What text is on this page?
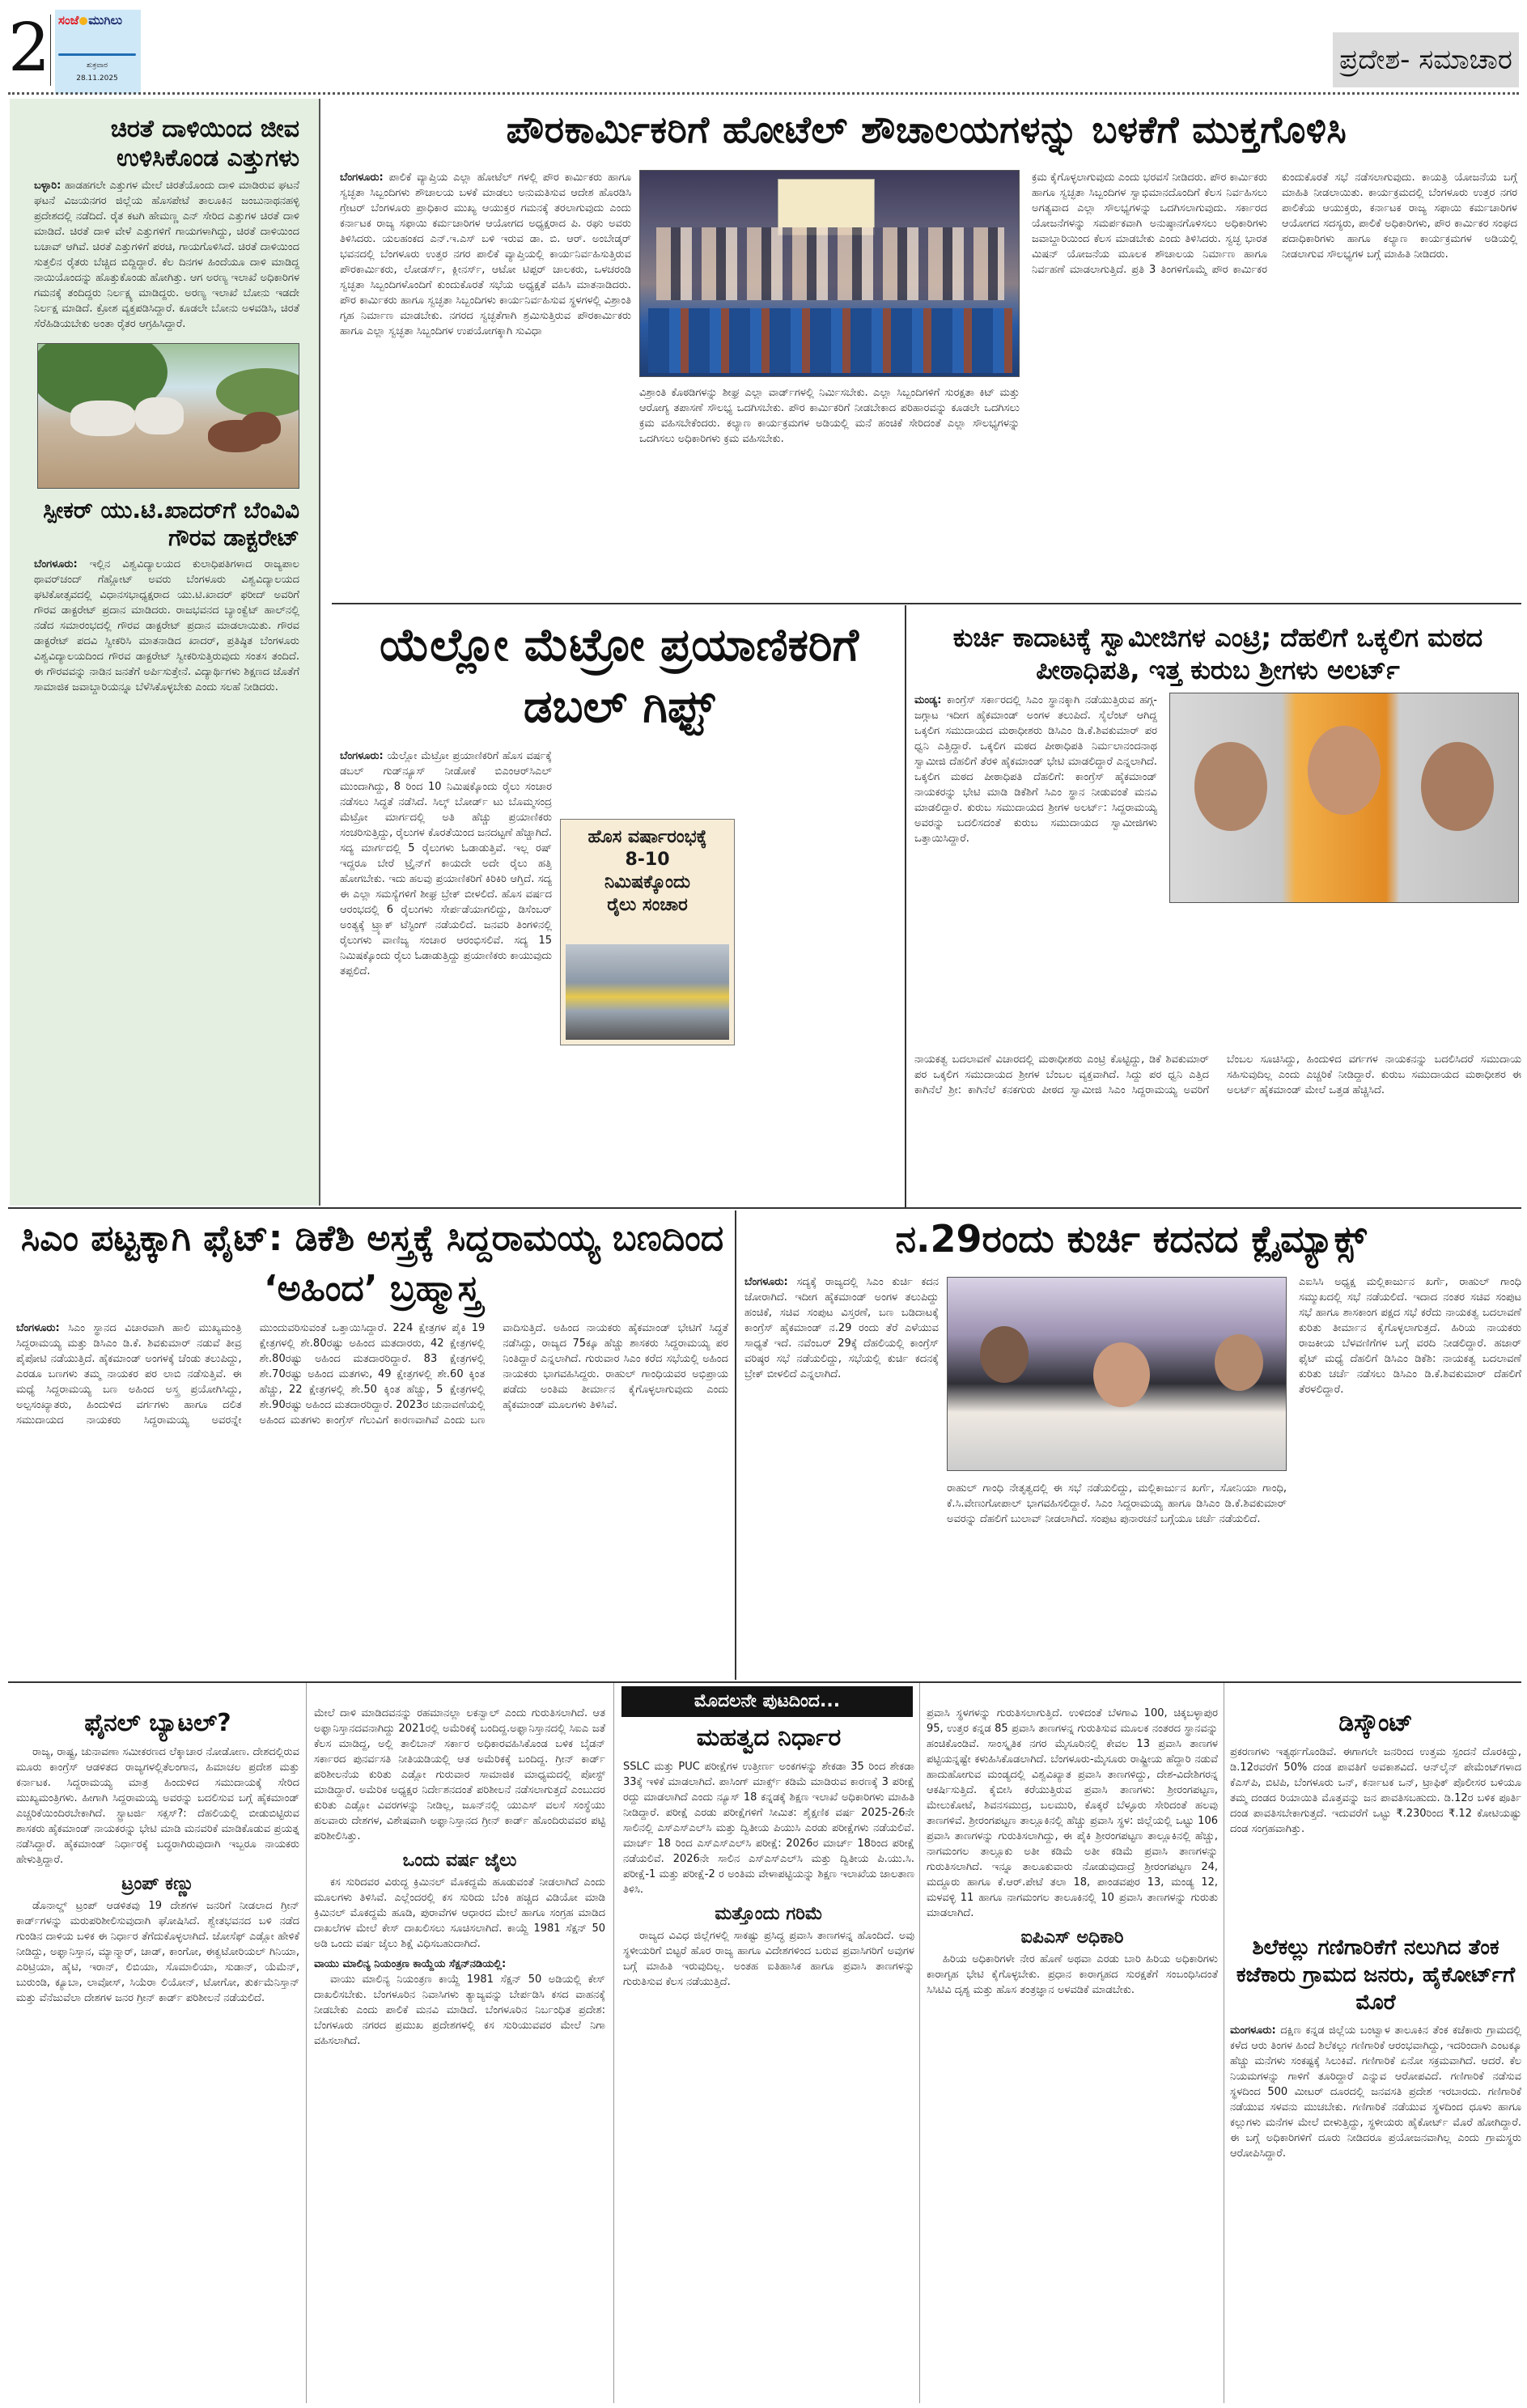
2 ಸಂಜೆ ಮುಗಿಲು
ಶುಕ್ರವಾರ
28.11.2025
ಪ್ರದೇಶ- ಸಮಾಚಾರ
ಚಿರತೆ ದಾಳಿಯಿಂದ ಜೀವ ಉಳಿಸಿಕೊಂಡ ಎತ್ತುಗಳು
ಬಳ್ಳಾರಿ: ಹಾಡಹಗಲೇ ಎತ್ತುಗಳ ಮೇಲೆ ಚಿರತೆಯೊಂದು ದಾಳಿ ಮಾಡಿರುವ ಘಟನೆ ಘಟನೆ ವಿಜಯನಗರ ಜಿಲ್ಲೆಯ ಹೊಸಪೇಟೆ ತಾಲೂಕಿನ ಜಂಬುನಾಥನಹಳ್ಳಿ ಪ್ರದೇಶದಲ್ಲಿ ನಡೆದಿದೆ. ರೈತ ಕಟಗಿ ಹೇಮಣ್ಣ ಎನ್ ಸೇರಿದ ಎತ್ತುಗಳ ಚಿರತೆ ದಾಳಿ ಮಾಡಿದೆ. ಚಿರತೆ ದಾಳಿ ವೇಳೆ ಎತ್ತುಗಳಿಗೆ ಗಾಯಗಳಾಗಿದ್ದು, ಚಿರತೆ ದಾಳಿಯಿಂದ ಬಚಾವ್ ಆಗಿವೆ. ಚಿರತೆ ಎತ್ತುಗಳಿಗೆ ಪರಚಿ, ಗಾಯಗೊಳಿಸಿದೆ. ಚಿರತೆ ದಾಳಿಯಿಂದ ಸುತ್ತಲಿನ ರೈತರು ಬೆಚ್ಚಿದ ಬಿದ್ದಿದ್ದಾರೆ. ಕೆಲ ದಿನಗಳ ಹಿಂದೆಯೂ ದಾಳಿ ಮಾಡಿದ್ದ ನಾಯಿಯೊಂದನ್ನು ಹೊತ್ತುಕೊಂಡು ಹೋಗಿತ್ತು. ಆಗ ಅರಣ್ಯ ಇಲಾಖೆ ಅಧಿಕಾರಿಗಳ ಗಮನಕ್ಕೆ ತಂದಿದ್ದರು ನಿರ್ಲಕ್ಷ್ಯ ಮಾಡಿದ್ದರು. ಅರಣ್ಯ ಇಲಾಖೆ ಬೋನು ಇಡದೇ ನಿರ್ಲಕ್ಷ ಮಾಡಿದೆ. ಕ್ರೋಶ ವ್ಯಕ್ತಪಡಿಸಿದ್ದಾರೆ. ಕೂಡಲೇ ಬೋನು ಅಳವಡಿಸಿ, ಚಿರತೆ ಸೆರೆಹಿಡಿಯಬೇಕು ಅಂತಾ ರೈತರ ಆಗ್ರಹಿಸಿದ್ದಾರೆ.
ಸ್ಪೀಕರ್ ಯು.ಟಿ.ಖಾದರ್‌ಗೆ ಬೆಂವಿವಿ ಗೌರವ ಡಾಕ್ಟರೇಟ್
ಬೆಂಗಳೂರು: ಇಲ್ಲಿನ ವಿಶ್ವವಿದ್ಯಾಲಯದ ಕುಲಾಧಿಪತಿಗಳಾದ ರಾಜ್ಯಪಾಲ ಥಾವರ್‌ಚಂದ್ ಗೆಹ್ಲೋಟ್ ಅವರು ಬೆಂಗಳೂರು ವಿಶ್ವವಿದ್ಯಾಲಯದ ಘಟಿಕೋತ್ಸವದಲ್ಲಿ ವಿಧಾನಸಭಾಧ್ಯಕ್ಷರಾದ ಯು.ಟಿ.ಖಾದರ್ ಫರೀದ್ ಅವರಿಗೆ ಗೌರವ ಡಾಕ್ಟರೇಟ್ ಪ್ರದಾನ ಮಾಡಿದರು. ರಾಜಭವನದ ಬ್ಯಾಂಕ್ವೆಟ್ ಹಾಲ್‌ನಲ್ಲಿ ನಡೆದ ಸಮಾರಂಭದಲ್ಲಿ ಗೌರವ ಡಾಕ್ಟರೇಟ್ ಪ್ರದಾನ ಮಾಡಲಾಯಿತು. ಗೌರವ ಡಾಕ್ಟರೇಟ್ ಪದವಿ ಸ್ವೀಕರಿಸಿ ಮಾತನಾಡಿದ ಖಾದರ್, ಪ್ರತಿಷ್ಠಿತ ಬೆಂಗಳೂರು ವಿಶ್ವವಿದ್ಯಾಲಯದಿಂದ ಗೌರವ ಡಾಕ್ಟರೇಟ್ ಸ್ವೀಕರಿಸುತ್ತಿರುವುದು ಸಂತಸ ತಂದಿದೆ. ಈ ಗೌರವವನ್ನು ನಾಡಿನ ಜನತೆಗೆ ಅರ್ಪಿಸುತ್ತೇನೆ. ವಿದ್ಯಾರ್ಥಿಗಳು ಶಿಕ್ಷಣದ ಜೊತೆಗೆ ಸಾಮಾಜಿಕ ಜವಾಬ್ದಾರಿಯನ್ನೂ ಬೆಳೆಸಿಕೊಳ್ಳಬೇಕು ಎಂದು ಸಲಹೆ ನೀಡಿದರು.
ಪೌರಕಾರ್ಮಿಕರಿಗೆ ಹೋಟೆಲ್ ಶೌಚಾಲಯಗಳನ್ನು ಬಳಕೆಗೆ ಮುಕ್ತಗೊಳಿಸಿ
ಬೆಂಗಳೂರು: ಪಾಲಿಕೆ ವ್ಯಾಪ್ತಿಯ ಎಲ್ಲಾ ಹೋಟೆಲ್ ಗಳಲ್ಲಿ ಪೌರ ಕಾರ್ಮಿಕರು ಹಾಗೂ ಸ್ವಚ್ಛತಾ ಸಿಬ್ಬಂದಿಗಳು ಶೌಚಾಲಯ ಬಳಕೆ ಮಾಡಲು ಅನುಮತಿಸುವ ಆದೇಶ ಹೊರಡಿಸಿ ಗ್ರೇಟರ್ ಬೆಂಗಳೂರು ಪ್ರಾಧಿಕಾರ ಮುಖ್ಯ ಆಯುಕ್ತರ ಗಮನಕ್ಕೆ ತರಲಾಗುವುದು ಎಂದು ಕರ್ನಾಟಕ ರಾಜ್ಯ ಸಫಾಯಿ ಕರ್ಮಚಾರಿಗಳ ಆಯೋಗದ ಅಧ್ಯಕ್ಷರಾದ ಪಿ. ರಘು ಅವರು ತಿಳಿಸಿದರು. ಯಲಹಂಕದ ಎನ್.ಇ.ಎಸ್ ಬಳಿ ಇರುವ ಡಾ. ಬಿ. ಆರ್. ಅಂಬೇಡ್ಕರ್ ಭವನದಲ್ಲಿ ಬೆಂಗಳೂರು ಉತ್ತರ ನಗರ ಪಾಲಿಕೆ ವ್ಯಾಪ್ತಿಯಲ್ಲಿ ಕಾರ್ಯನಿರ್ವಹಿಸುತ್ತಿರುವ ಪೌರಕಾರ್ಮಿಕರು, ಲೋಡರ್ಸ್, ಕ್ಲೀನರ್ಸ್, ಆಟೋ ಟಿಪ್ಪರ್ ಚಾಲಕರು, ಒಳಚರಂಡಿ ಸ್ವಚ್ಛತಾ ಸಿಬ್ಬಂದಿಗಳೊಂದಿಗೆ ಕುಂದುಕೊರತೆ ಸಭೆಯ ಅಧ್ಯಕ್ಷತೆ ವಹಿಸಿ ಮಾತನಾಡಿದರು. ಪೌರ ಕಾರ್ಮಿಕರು ಹಾಗೂ ಸ್ವಚ್ಛತಾ ಸಿಬ್ಬಂದಿಗಳು ಕಾರ್ಯನಿರ್ವಹಿಸುವ ಸ್ಥಳಗಳಲ್ಲಿ ವಿಶ್ರಾಂತಿ ಗೃಹ ನಿರ್ಮಾಣ ಮಾಡಬೇಕು. ನಗರದ ಸ್ವಚ್ಛತೆಗಾಗಿ ಶ್ರಮಿಸುತ್ತಿರುವ ಪೌರಕಾರ್ಮಿಕರು ಹಾಗೂ ಎಲ್ಲಾ ಸ್ವಚ್ಛತಾ ಸಿಬ್ಬಂದಿಗಳ ಉಪಯೋಗಕ್ಕಾಗಿ ಸುವಿಧಾ
ವಿಶ್ರಾಂತಿ ಕೊಠಡಿಗಳನ್ನು ಶೀಘ್ರ ಎಲ್ಲಾ ವಾರ್ಡ್‌ಗಳಲ್ಲಿ ನಿರ್ಮಿಸಬೇಕು. ಎಲ್ಲಾ ಸಿಬ್ಬಂದಿಗಳಿಗೆ ಸುರಕ್ಷತಾ ಕಿಟ್ ಮತ್ತು ಆರೋಗ್ಯ ತಪಾಸಣೆ ಸೌಲಭ್ಯ ಒದಗಿಸಬೇಕು. ಪೌರ ಕಾರ್ಮಿಕರಿಗೆ ನೀಡಬೇಕಾದ ಪರಿಹಾರವನ್ನು ಕೂಡಲೇ ಒದಗಿಸಲು ಕ್ರಮ ವಹಿಸಬೇಕೆಂದರು. ಕಲ್ಯಾಣ ಕಾರ್ಯಕ್ರಮಗಳ ಅಡಿಯಲ್ಲಿ ಮನೆ ಹಂಚಿಕೆ ಸೇರಿದಂತೆ ಎಲ್ಲಾ ಸೌಲಭ್ಯಗಳನ್ನು ಒದಗಿಸಲು ಅಧಿಕಾರಿಗಳು ಕ್ರಮ ವಹಿಸಬೇಕು.
ಕ್ರಮ ಕೈಗೊಳ್ಳಲಾಗುವುದು ಎಂದು ಭರವಸೆ ನೀಡಿದರು. ಪೌರ ಕಾರ್ಮಿಕರು ಹಾಗೂ ಸ್ವಚ್ಛತಾ ಸಿಬ್ಬಂದಿಗಳ ಸ್ವಾಭಿಮಾನದೊಂದಿಗೆ ಕೆಲಸ ನಿರ್ವಹಿಸಲು ಅಗತ್ಯವಾದ ಎಲ್ಲಾ ಸೌಲಭ್ಯಗಳನ್ನು ಒದಗಿಸಲಾಗುವುದು. ಸರ್ಕಾರದ ಯೋಜನೆಗಳನ್ನು ಸಮರ್ಪಕವಾಗಿ ಅನುಷ್ಠಾನಗೊಳಿಸಲು ಅಧಿಕಾರಿಗಳು ಜವಾಬ್ದಾರಿಯಿಂದ ಕೆಲಸ ಮಾಡಬೇಕು ಎಂದು ತಿಳಿಸಿದರು. ಸ್ವಚ್ಛ ಭಾರತ ಮಿಷನ್ ಯೋಜನೆಯ ಮೂಲಕ ಶೌಚಾಲಯ ನಿರ್ಮಾಣ ಹಾಗೂ ನಿರ್ವಹಣೆ ಮಾಡಲಾಗುತ್ತಿದೆ. ಪ್ರತಿ 3 ತಿಂಗಳಿಗೊಮ್ಮೆ ಪೌರ ಕಾರ್ಮಿಕರ ಕುಂದುಕೊರತೆ ಸಭೆ ನಡೆಸಲಾಗುವುದು. ಕಾಯತ್ರಿ ಯೋಜನೆಯ ಬಗ್ಗೆ ಮಾಹಿತಿ ನೀಡಲಾಯಿತು. ಕಾರ್ಯಕ್ರಮದಲ್ಲಿ ಬೆಂಗಳೂರು ಉತ್ತರ ನಗರ ಪಾಲಿಕೆಯ ಆಯುಕ್ತರು, ಕರ್ನಾಟಕ ರಾಜ್ಯ ಸಫಾಯಿ ಕರ್ಮಚಾರಿಗಳ ಆಯೋಗದ ಸದಸ್ಯರು, ಪಾಲಿಕೆ ಅಧಿಕಾರಿಗಳು, ಪೌರ ಕಾರ್ಮಿಕರ ಸಂಘದ ಪದಾಧಿಕಾರಿಗಳು ಹಾಗೂ ಕಲ್ಯಾಣ ಕಾರ್ಯಕ್ರಮಗಳ ಅಡಿಯಲ್ಲಿ ನೀಡಲಾಗುವ ಸೌಲಭ್ಯಗಳ ಬಗ್ಗೆ ಮಾಹಿತಿ ನೀಡಿದರು.
ಯೆಲ್ಲೋ ಮೆಟ್ರೋ ಪ್ರಯಾಣಿಕರಿಗೆ ಡಬಲ್ ಗಿಫ್ಟ್
ಬೆಂಗಳೂರು: ಯೆಲ್ಲೋ ಮೆಟ್ರೋ ಪ್ರಯಾಣಿಕರಿಗೆ ಹೊಸ ವರ್ಷಕ್ಕೆ ಡಬಲ್ ಗುಡ್‌ನ್ಯೂಸ್ ನೀಡೋಕೆ ಬಿಎಂಆರ್‌ಸಿಎಲ್ ಮುಂದಾಗಿದ್ದು, 8 ರಿಂದ 10 ನಿಮಿಷಕ್ಕೊಂದು ರೈಲು ಸಂಚಾರ ನಡೆಸಲು ಸಿದ್ಧತೆ ನಡೆಸಿದೆ. ಸಿಲ್ಕ್ ಬೋರ್ಡ್ ಟು ಬೊಮ್ಮಸಂದ್ರ ಮೆಟ್ರೋ ಮಾರ್ಗದಲ್ಲಿ ಅತಿ ಹೆಚ್ಚು ಪ್ರಯಾಣಿಕರು ಸಂಚರಿಸುತ್ತಿದ್ದು, ರೈಲುಗಳ ಕೊರತೆಯಿಂದ ಜನದಟ್ಟಣೆ ಹೆಚ್ಚಾಗಿದೆ. ಸದ್ಯ ಮಾರ್ಗದಲ್ಲಿ 5 ರೈಲುಗಳು ಓಡಾಡುತ್ತಿವೆ. ಇಲ್ಲ ರಷ್ ಇದ್ದರೂ ಬೇರೆ ಟ್ರೈನ್‌ಗೆ ಕಾಯದೇ ಅದೇ ರೈಲು ಹತ್ತಿ ಹೋಗಬೇಕು. ಇದು ಹಲವು ಪ್ರಯಾಣಿಕರಿಗೆ ಕಿರಿಕಿರಿ ಆಗ್ತಿದೆ. ಸದ್ಯ ಈ ಎಲ್ಲಾ ಸಮಸ್ಯೆಗಳಿಗೆ ಶೀಘ್ರ ಬ್ರೇಕ್ ಬೀಳಲಿದೆ. ಹೊಸ ವರ್ಷದ ಆರಂಭದಲ್ಲಿ 6 ರೈಲುಗಳು ಸೇರ್ಪಡೆಯಾಗಲಿದ್ದು, ಡಿಸೆಂಬರ್ ಅಂತ್ಯಕ್ಕೆ ಟ್ರ್ಯಾಕ್ ಟೆಸ್ಟಿಂಗ್ ನಡೆಯಲಿದೆ. ಜನವರಿ ತಿಂಗಳಿನಲ್ಲಿ ರೈಲುಗಳು ವಾಣಿಜ್ಯ ಸಂಚಾರ ಆರಂಭಿಸಲಿವೆ. ಸದ್ಯ 15 ನಿಮಿಷಕ್ಕೊಂದು ರೈಲು ಓಡಾಡುತ್ತಿದ್ದು ಪ್ರಯಾಣಿಕರು ಕಾಯುವುದು ತಪ್ಪಲಿದೆ.
ಹೊಸ ವರ್ಷಾರಂಭಕ್ಕೆ
8-10
ನಿಮಿಷಕ್ಕೊಂದು
ರೈಲು ಸಂಚಾರ
ಕುರ್ಚಿ ಕಾದಾಟಕ್ಕೆ ಸ್ವಾಮೀಜಿಗಳ ಎಂಟ್ರಿ; ದೆಹಲಿಗೆ ಒಕ್ಕಲಿಗ ಮಠದ ಪೀಠಾಧಿಪತಿ, ಇತ್ತ ಕುರುಬ ಶ್ರೀಗಳು ಅಲರ್ಟ್
ಮಂಡ್ಯ: ಕಾಂಗ್ರೆಸ್ ಸರ್ಕಾರದಲ್ಲಿ ಸಿಎಂ ಸ್ಥಾನಕ್ಕಾಗಿ ನಡೆಯುತ್ತಿರುವ ಹಗ್ಗ-ಜಗ್ಗಾಟ ಇದೀಗ ಹೈಕಮಾಂಡ್ ಅಂಗಳ ತಲುಪಿದೆ. ಸೈಲೆಂಟ್ ಆಗಿದ್ದ ಒಕ್ಕಲಿಗ ಸಮುದಾಯದ ಮಠಾಧೀಶರು ಡಿಸಿಎಂ ಡಿ.ಕೆ.ಶಿವಕುಮಾರ್ ಪರ ಧ್ವನಿ ಎತ್ತಿದ್ದಾರೆ. ಒಕ್ಕಲಿಗ ಮಠದ ಪೀಠಾಧಿಪತಿ ನಿರ್ಮಲಾನಂದನಾಥ ಸ್ವಾಮೀಜಿ ದೆಹಲಿಗೆ ತೆರಳಿ ಹೈಕಮಾಂಡ್ ಭೇಟಿ ಮಾಡಲಿದ್ದಾರೆ ಎನ್ನಲಾಗಿದೆ. ಒಕ್ಕಲಿಗ ಮಠದ ಪೀಠಾಧಿಪತಿ ದೆಹಲಿಗೆ: ಕಾಂಗ್ರೆಸ್ ಹೈಕಮಾಂಡ್ ನಾಯಕರನ್ನು ಭೇಟಿ ಮಾಡಿ ಡಿಕೆಶಿಗೆ ಸಿಎಂ ಸ್ಥಾನ ನೀಡುವಂತೆ ಮನವಿ ಮಾಡಲಿದ್ದಾರೆ. ಕುರುಬ ಸಮುದಾಯದ ಶ್ರೀಗಳ ಅಲರ್ಟ್: ಸಿದ್ದರಾಮಯ್ಯ ಅವರನ್ನು ಬದಲಿಸದಂತೆ ಕುರುಬ ಸಮುದಾಯದ ಸ್ವಾಮೀಜಿಗಳು ಒತ್ತಾಯಿಸಿದ್ದಾರೆ.
ನಾಯಕತ್ವ ಬದಲಾವಣೆ ವಿಚಾರದಲ್ಲಿ ಮಠಾಧೀಶರು ಎಂಟ್ರಿ ಕೊಟ್ಟಿದ್ದು, ಡಿಕೆ ಶಿವಕುಮಾರ್ ಪರ ಒಕ್ಕಲಿಗ ಸಮುದಾಯದ ಶ್ರೀಗಳ ಬೆಂಬಲ ವ್ಯಕ್ತವಾಗಿದೆ. ಸಿದ್ದು ಪರ ಧ್ವನಿ ಎತ್ತಿದ ಕಾಗಿನೆಲೆ ಶ್ರೀ: ಕಾಗಿನೆಲೆ ಕನಕಗುರು ಪೀಠದ ಸ್ವಾಮೀಜಿ ಸಿಎಂ ಸಿದ್ದರಾಮಯ್ಯ ಅವರಿಗೆ ಬೆಂಬಲ ಸೂಚಿಸಿದ್ದು, ಹಿಂದುಳಿದ ವರ್ಗಗಳ ನಾಯಕನನ್ನು ಬದಲಿಸಿದರೆ ಸಮುದಾಯ ಸಹಿಸುವುದಿಲ್ಲ ಎಂದು ಎಚ್ಚರಿಕೆ ನೀಡಿದ್ದಾರೆ. ಕುರುಬ ಸಮುದಾಯದ ಮಠಾಧೀಶರ ಈ ಅಲರ್ಟ್ ಹೈಕಮಾಂಡ್ ಮೇಲೆ ಒತ್ತಡ ಹೆಚ್ಚಿಸಿದೆ.
ಸಿಎಂ ಪಟ್ಟಕ್ಕಾಗಿ ಫೈಟ್: ಡಿಕೆಶಿ ಅಸ್ತ್ರಕ್ಕೆ ಸಿದ್ದರಾಮಯ್ಯ ಬಣದಿಂದ ‘ಅಹಿಂದ’ ಬ್ರಹ್ಮಾಸ್ತ್ರ
ಬೆಂಗಳೂರು: ಸಿಎಂ ಸ್ಥಾನದ ವಿಚಾರವಾಗಿ ಹಾಲಿ ಮುಖ್ಯಮಂತ್ರಿ ಸಿದ್ದರಾಮಯ್ಯ ಮತ್ತು ಡಿಸಿಎಂ ಡಿ.ಕೆ. ಶಿವಕುಮಾರ್ ನಡುವೆ ತೀವ್ರ ಪೈಪೋಟಿ ನಡೆಯುತ್ತಿದೆ. ಹೈಕಮಾಂಡ್ ಅಂಗಳಕ್ಕೆ ಚೆಂಡು ತಲುಪಿದ್ದು, ಎರಡೂ ಬಣಗಳು ತಮ್ಮ ನಾಯಕರ ಪರ ಲಾಬಿ ನಡೆಸುತ್ತಿವೆ. ಈ ಮಧ್ಯೆ ಸಿದ್ದರಾಮಯ್ಯ ಬಣ ಅಹಿಂದ ಅಸ್ತ್ರ ಪ್ರಯೋಗಿಸಿದ್ದು, ಅಲ್ಪಸಂಖ್ಯಾತರು, ಹಿಂದುಳಿದ ವರ್ಗಗಳು ಹಾಗೂ ದಲಿತ ಸಮುದಾಯದ ನಾಯಕರು ಸಿದ್ದರಾಮಯ್ಯ ಅವರನ್ನೇ ಮುಂದುವರಿಸುವಂತೆ ಒತ್ತಾಯಿಸಿದ್ದಾರೆ. 224 ಕ್ಷೇತ್ರಗಳ ಪೈಕಿ 19 ಕ್ಷೇತ್ರಗಳಲ್ಲಿ ಶೇ.80ರಷ್ಟು ಅಹಿಂದ ಮತದಾರರು, 42 ಕ್ಷೇತ್ರಗಳಲ್ಲಿ ಶೇ.80ರಷ್ಟು ಅಹಿಂದ ಮತದಾರರಿದ್ದಾರೆ. 83 ಕ್ಷೇತ್ರಗಳಲ್ಲಿ ಶೇ.70ರಷ್ಟು ಅಹಿಂದ ಮತಗಳು, 49 ಕ್ಷೇತ್ರಗಳಲ್ಲಿ ಶೇ.60 ಕ್ಕಿಂತ ಹೆಚ್ಚು, 22 ಕ್ಷೇತ್ರಗಳಲ್ಲಿ ಶೇ.50 ಕ್ಕಿಂತ ಹೆಚ್ಚು, 5 ಕ್ಷೇತ್ರಗಳಲ್ಲಿ ಶೇ.90ರಷ್ಟು ಅಹಿಂದ ಮತದಾರರಿದ್ದಾರೆ. 2023ರ ಚುನಾವಣೆಯಲ್ಲಿ ಅಹಿಂದ ಮತಗಳು ಕಾಂಗ್ರೆಸ್ ಗೆಲುವಿಗೆ ಕಾರಣವಾಗಿವೆ ಎಂದು ಬಣ ವಾದಿಸುತ್ತಿದೆ. ಅಹಿಂದ ನಾಯಕರು ಹೈಕಮಾಂಡ್ ಭೇಟಿಗೆ ಸಿದ್ಧತೆ ನಡೆಸಿದ್ದು, ರಾಜ್ಯದ 75ಕ್ಕೂ ಹೆಚ್ಚು ಶಾಸಕರು ಸಿದ್ದರಾಮಯ್ಯ ಪರ ನಿಂತಿದ್ದಾರೆ ಎನ್ನಲಾಗಿದೆ. ಗುರುವಾರ ಸಿಎಂ ಕರೆದ ಸಭೆಯಲ್ಲಿ ಅಹಿಂದ ನಾಯಕರು ಭಾಗವಹಿಸಿದ್ದರು. ರಾಹುಲ್ ಗಾಂಧಿಯವರ ಅಭಿಪ್ರಾಯ ಪಡೆದು ಅಂತಿಮ ತೀರ್ಮಾನ ಕೈಗೊಳ್ಳಲಾಗುವುದು ಎಂದು ಹೈಕಮಾಂಡ್ ಮೂಲಗಳು ತಿಳಿಸಿವೆ.
ನ.29ರಂದು ಕುರ್ಚಿ ಕದನದ ಕ್ಲೈಮ್ಯಾಕ್ಸ್
ಬೆಂಗಳೂರು: ಸದ್ಯಕ್ಕೆ ರಾಜ್ಯದಲ್ಲಿ ಸಿಎಂ ಕುರ್ಚಿ ಕದನ ಜೋರಾಗಿದೆ. ಇದೀಗ ಹೈಕಮಾಂಡ್ ಅಂಗಳ ತಲುಪಿದ್ದು ಹಂಚಿಕೆ, ಸಚಿವ ಸಂಪುಟ ವಿಸ್ತರಣೆ, ಬಣ ಬಡಿದಾಟಕ್ಕೆ ಕಾಂಗ್ರೆಸ್ ಹೈಕಮಾಂಡ್ ನ.29 ರಂದು ತೆರೆ ಎಳೆಯುವ ಸಾಧ್ಯತೆ ಇದೆ. ನವೆಂಬರ್ 29ಕ್ಕೆ ದೆಹಲಿಯಲ್ಲಿ ಕಾಂಗ್ರೆಸ್ ವರಿಷ್ಠರ ಸಭೆ ನಡೆಯಲಿದ್ದು, ಸಭೆಯಲ್ಲಿ ಕುರ್ಚಿ ಕದನಕ್ಕೆ ಬ್ರೇಕ್ ಬೀಳಲಿದೆ ಎನ್ನಲಾಗಿದೆ.
ರಾಹುಲ್ ಗಾಂಧಿ ನೇತೃತ್ವದಲ್ಲಿ ಈ ಸಭೆ ನಡೆಯಲಿದ್ದು, ಮಲ್ಲಿಕಾರ್ಜುನ ಖರ್ಗೆ, ಸೋನಿಯಾ ಗಾಂಧಿ, ಕೆ.ಸಿ.ವೇಣುಗೋಪಾಲ್ ಭಾಗವಹಿಸಲಿದ್ದಾರೆ. ಸಿಎಂ ಸಿದ್ದರಾಮಯ್ಯ ಹಾಗೂ ಡಿಸಿಎಂ ಡಿ.ಕೆ.ಶಿವಕುಮಾರ್ ಅವರನ್ನು ದೆಹಲಿಗೆ ಬುಲಾವ್ ನೀಡಲಾಗಿದೆ. ಸಂಪುಟ ಪುನಾರಚನೆ ಬಗ್ಗೆಯೂ ಚರ್ಚೆ ನಡೆಯಲಿದೆ.
ಎಐಸಿಸಿ ಅಧ್ಯಕ್ಷ ಮಲ್ಲಿಕಾರ್ಜುನ ಖರ್ಗೆ, ರಾಹುಲ್ ಗಾಂಧಿ ಸಮ್ಮುಖದಲ್ಲಿ ಸಭೆ ನಡೆಯಲಿದೆ. ಇದಾದ ನಂತರ ಸಚಿವ ಸಂಪುಟ ಸಭೆ ಹಾಗೂ ಶಾಸಕಾಂಗ ಪಕ್ಷದ ಸಭೆ ಕರೆದು ನಾಯಕತ್ವ ಬದಲಾವಣೆ ಕುರಿತು ತೀರ್ಮಾನ ಕೈಗೊಳ್ಳಲಾಗುತ್ತದೆ. ಹಿರಿಯ ನಾಯಕರು ರಾಜಕೀಯ ಬೆಳವಣಿಗೆಗಳ ಬಗ್ಗೆ ವರದಿ ನೀಡಲಿದ್ದಾರೆ. ಹಜಾರ್ ಫೈಟ್ ಮಧ್ಯೆ ದೆಹಲಿಗೆ ಡಿಸಿಎಂ ಡಿಕೆಶಿ: ನಾಯಕತ್ವ ಬದಲಾವಣೆ ಕುರಿತು ಚರ್ಚೆ ನಡೆಸಲು ಡಿಸಿಎಂ ಡಿ.ಕೆ.ಶಿವಕುಮಾರ್ ದೆಹಲಿಗೆ ತೆರಳಲಿದ್ದಾರೆ.
ಫೈನಲ್ ಬ್ಯಾಟಲ್?

ರಾಜ್ಯ, ರಾಷ್ಟ್ರ, ಚುನಾವಣಾ ಸಮೀಕರಣದ ಲೆಕ್ಕಾಚಾರ ನೋಡೋಣ. ದೇಶದಲ್ಲಿರುವ ಮೂರು ಕಾಂಗ್ರೆಸ್ ಆಡಳಿತದ ರಾಜ್ಯಗಳಲ್ಲಿತೆಲಂಗಾನ, ಹಿಮಾಚಲ ಪ್ರದೇಶ ಮತ್ತು ಕರ್ನಾಟಕ. ಸಿದ್ದರಾಮಯ್ಯ ಮಾತ್ರ ಹಿಂದುಳಿದ ಸಮುದಾಯಕ್ಕೆ ಸೇರಿದ ಮುಖ್ಯಮಂತ್ರಿಗಳು. ಹೀಗಾಗಿ ಸಿದ್ದರಾಮಯ್ಯ ಅವರನ್ನು ಬದಲಿಸುವ ಬಗ್ಗೆ ಹೈಕಮಾಂಡ್ ಎಚ್ಚರಿಕೆಯಿಂದಿರಬೇಕಾಗಿದೆ. ಸ್ಟ್ರಾಟರ್ಜಿ ಸಕ್ಸಸ್?: ದೆಹಲಿಯಲ್ಲಿ ಬೀಡುಬಿಟ್ಟಿರುವ ಶಾಸಕರು ಹೈಕಮಾಂಡ್ ನಾಯಕರನ್ನು ಭೇಟಿ ಮಾಡಿ ಮನವರಿಕೆ ಮಾಡಿಕೊಡುವ ಪ್ರಯತ್ನ ನಡೆಸಿದ್ದಾರೆ. ಹೈಕಮಾಂಡ್ ನಿರ್ಧಾರಕ್ಕೆ ಬದ್ಧರಾಗಿರುವುದಾಗಿ ಇಬ್ಬರೂ ನಾಯಕರು ಹೇಳುತ್ತಿದ್ದಾರೆ.

ಟ್ರಂಪ್ ಕಣ್ಣು

ಡೊನಾಲ್ಡ್ ಟ್ರಂಪ್ ಆಡಳಿತವು 19 ದೇಶಗಳ ಜನರಿಗೆ ನೀಡಲಾದ ಗ್ರೀನ್ ಕಾರ್ಡ್‌ಗಳನ್ನು ಮರುಪರಿಶೀಲಿಸುವುದಾಗಿ ಘೋಷಿಸಿದೆ. ಶ್ವೇತಭವನದ ಬಳಿ ನಡೆದ ಗುಂಡಿನ ದಾಳಿಯ ಬಳಿಕ ಈ ನಿರ್ಧಾರ ತೆಗೆದುಕೊಳ್ಳಲಾಗಿದೆ. ಜೋಸೆಫ್ ಎಡ್ಲೋ ಹೇಳಿಕೆ ನೀಡಿದ್ದು, ಅಫ್ಘಾನಿಸ್ತಾನ, ಮ್ಯಾನ್ಮಾರ್, ಚಾಡ್, ಕಾಂಗೋ, ಈಕ್ವಟೋರಿಯಲ್ ಗಿನಿಯಾ, ಎರಿಟ್ರಿಯಾ, ಹೈಟಿ, ಇರಾನ್, ಲಿಬಿಯಾ, ಸೊಮಾಲಿಯಾ, ಸುಡಾನ್, ಯೆಮೆನ್, ಬುರುಂಡಿ, ಕ್ಯೂಬಾ, ಲಾವೋಸ್, ಸಿಯೆರಾ ಲಿಯೋನ್, ಟೋಗೋ, ತುರ್ಕಮೆನಿಸ್ತಾನ್ ಮತ್ತು ವೆನೆಜುವೆಲಾ ದೇಶಗಳ ಜನರ ಗ್ರೀನ್ ಕಾರ್ಡ್ ಪರಿಶೀಲನೆ ನಡೆಯಲಿದೆ.

ಮೇಲೆ ದಾಳಿ ಮಾಡಿದವನನ್ನು ರಹಮಾನಲ್ಲಾ ಲಕನ್ವಾಲ್ ಎಂದು ಗುರುತಿಸಲಾಗಿದೆ. ಆತ ಅಫ್ಘಾನಿಸ್ತಾನದವನಾಗಿದ್ದು 2021ರಲ್ಲಿ ಅಮೆರಿಕಕ್ಕೆ ಬಂದಿದ್ದ.ಅಫ್ಘಾನಿಸ್ತಾನದಲ್ಲಿ ಸಿಐಎ ಜತೆ ಕೆಲಸ ಮಾಡಿದ್ದ, ಅಲ್ಲಿ ತಾಲಿಬಾನ್ ಸರ್ಕಾರ ಅಧಿಕಾರವಹಿಸಿಕೊಂಡ ಬಳಿಕ ಬೈಡನ್ ಸರ್ಕಾರದ ಪುನರ್ವಸತಿ ನೀತಿಯಡಿಯಲ್ಲಿ ಆತ ಅಮೆರಿಕಕ್ಕೆ ಬಂದಿದ್ದ. ಗ್ರೀನ್ ಕಾರ್ಡ್ ಪರಿಶೀಲನೆಯ ಕುರಿತು ಎಡ್ಲೋ ಗುರುವಾರ ಸಾಮಾಜಿಕ ಮಾಧ್ಯಮದಲ್ಲಿ ಪೋಸ್ಟ್ ಮಾಡಿದ್ದಾರೆ. ಅಮೆರಿಕ ಅಧ್ಯಕ್ಷರ ನಿರ್ದೇಶನದಂತೆ ಪರಿಶೀಲನೆ ನಡೆಸಲಾಗುತ್ತದೆ ಎಂಬುದರ ಕುರಿತು ಎಡ್ಲೋ ವಿವರಗಳನ್ನು ನೀಡಿಲ್ಲ, ಜೂನ್‌ನಲ್ಲಿ ಯುಎಸ್ ವಲಸೆ ಸಂಸ್ಥೆಯು ಹಲವಾರು ದೇಶಗಳ, ವಿಶೇಷವಾಗಿ ಅಫ್ಘಾನಿಸ್ತಾನದ ಗ್ರೀನ್ ಕಾರ್ಡ್ ಹೊಂದಿರುವವರ ಪಟ್ಟಿ ಪರಿಶೀಲಿಸಿತ್ತು.

ಒಂದು ವರ್ಷ ಜೈಲು

ಕಸ ಸುರಿದವರ ವಿರುದ್ಧ ಕ್ರಿಮಿನಲ್ ಮೊಕದ್ದಮೆ ಹೂಡುವಂತೆ ನೀಡಲಾಗಿದೆ ಎಂದು ಮೂಲಗಳು ತಿಳಿಸಿವೆ. ಎಲ್ಲೆಂದರಲ್ಲಿ ಕಸ ಸುರಿದು ಬೆಂಕಿ ಹಚ್ಚಿದ ವಿಡಿಯೋ ಮಾಡಿ ಕ್ರಿಮಿನಲ್ ಮೊಕದ್ದಮೆ ಹೂಡಿ, ಪುರಾವೆಗಳ ಆಧಾರದ ಮೇಲೆ ಹಾಗೂ ಸಂಗ್ರಹ ಮಾಡಿದ ದಾಖಲೆಗಳ ಮೇಲೆ ಕೇಸ್ ದಾಖಲಿಸಲು ಸೂಚಿಸಲಾಗಿದೆ. ಕಾಯ್ದೆ 1981 ಸೆಕ್ಷನ್ 50 ಅಡಿ ಒಂದು ವರ್ಷ ಜೈಲು ಶಿಕ್ಷೆ ವಿಧಿಸಬಹುದಾಗಿದೆ.

ವಾಯು ಮಾಲಿನ್ಯ ನಿಯಂತ್ರಣ ಕಾಯ್ದೆಯ ಸೆಕ್ಷನ್‌ನಡಿಯಲ್ಲಿ:

ವಾಯು ಮಾಲಿನ್ಯ ನಿಯಂತ್ರಣ ಕಾಯ್ದೆ 1981 ಸೆಕ್ಷನ್ 50 ಅಡಿಯಲ್ಲಿ ಕೇಸ್ ದಾಖಲಿಸಬೇಕು. ಬೆಂಗಳೂರಿನ ನಿವಾಸಿಗಳು ತ್ಯಾಜ್ಯವನ್ನು ಬೇರ್ಪಡಿಸಿ ಕಸದ ವಾಹನಕ್ಕೆ ನೀಡಬೇಕು ಎಂದು ಪಾಲಿಕೆ ಮನವಿ ಮಾಡಿದೆ. ಬೆಂಗಳೂರಿನ ನಿರ್ಬಂಧಿತ ಪ್ರದೇಶ: ಬೆಂಗಳೂರು ನಗರದ ಪ್ರಮುಖ ಪ್ರದೇಶಗಳಲ್ಲಿ ಕಸ ಸುರಿಯುವವರ ಮೇಲೆ ನಿಗಾ ವಹಿಸಲಾಗಿದೆ.

ಮೊದಲನೇ ಪುಟದಿಂದ...
ಮಹತ್ವದ ನಿರ್ಧಾರ

SSLC ಮತ್ತು PUC ಪರೀಕ್ಷೆಗಳ ಉತ್ತೀರ್ಣ ಅಂಕಗಳನ್ನು ಶೇಕಡಾ 35 ರಿಂದ ಶೇಕಡಾ 33ಕ್ಕೆ ಇಳಿಕೆ ಮಾಡಲಾಗಿದೆ. ಪಾಸಿಂಗ್ ಮಾರ್ಕ್ಸ್ ಕಡಿಮೆ ಮಾಡಿರುವ ಕಾರಣಕ್ಕೆ 3 ಪರೀಕ್ಷೆ ರದ್ದು ಮಾಡಲಾಗಿದೆ ಎಂದು ನ್ಯೂಸ್ 18 ಕನ್ನಡಕ್ಕೆ ಶಿಕ್ಷಣ ಇಲಾಖೆ ಅಧಿಕಾರಿಗಳು ಮಾಹಿತಿ ನೀಡಿದ್ದಾರೆ. ಪರೀಕ್ಷೆ ಎರಡು ಪರೀಕ್ಷೆಗಳಿಗೆ ಸೀಮಿತ: ಶೈಕ್ಷಣಿಕ ವರ್ಷ 2025-26ನೇ ಸಾಲಿನಲ್ಲಿ ಎಸ್‌ಎಸ್‌ಎಲ್‌ಸಿ ಮತ್ತು ದ್ವಿತೀಯ ಪಿಯುಸಿ ಎರಡು ಪರೀಕ್ಷೆಗಳು ನಡೆಯಲಿವೆ. ಮಾರ್ಚ್ 18 ರಿಂದ ಎಸ್‌ಎಸ್‌ಎಲ್‌ಸಿ ಪರೀಕ್ಷೆ: 2026ರ ಮಾರ್ಚ್ 18ರಿಂದ ಪರೀಕ್ಷೆ ನಡೆಯಲಿವೆ. 2026ನೇ ಸಾಲಿನ ಎಸ್‌ಎಸ್‌ಎಲ್‌ಸಿ ಮತ್ತು ದ್ವಿತೀಯ ಪಿ.ಯು.ಸಿ. ಪರೀಕ್ಷೆ-1 ಮತ್ತು ಪರೀಕ್ಷೆ-2 ರ ಅಂತಿಮ ವೇಳಾಪಟ್ಟಿಯನ್ನು ಶಿಕ್ಷಣ ಇಲಾಖೆಯ ಜಾಲತಾಣ ತಿಳಿಸಿ.

ಮತ್ತೊಂದು ಗರಿಮೆ

ರಾಜ್ಯದ ವಿವಿಧ ಜಿಲ್ಲೆಗಳಲ್ಲಿ ಸಾಕಷ್ಟು ಪ್ರಸಿದ್ಧ ಪ್ರವಾಸಿ ತಾಣಗಳನ್ನ ಹೊಂದಿದೆ. ಅವು ಸ್ಥಳೀಯರಿಗೆ ಬಿಟ್ಟರೆ ಹೊರ ರಾಜ್ಯ ಹಾಗೂ ವಿದೇಶಗಳಿಂದ ಬರುವ ಪ್ರವಾಸಿಗರಿಗೆ ಅವುಗಳ ಬಗ್ಗೆ ಮಾಹಿತಿ ಇರುವುದಿಲ್ಲ. ಅಂತಹ ಐತಿಹಾಸಿಕ ಹಾಗೂ ಪ್ರವಾಸಿ ತಾಣಗಳನ್ನು ಗುರುತಿಸುವ ಕೆಲಸ ನಡೆಯುತ್ತಿದೆ.

ಪ್ರವಾಸಿ ಸ್ಥಳಗಳನ್ನು ಗುರುತಿಸಲಾಗುತ್ತಿದೆ. ಉಳಿದಂತೆ ಬೆಳಗಾವಿ 100, ಚಿಕ್ಕಬಳ್ಳಾಪುರ 95, ಉತ್ತರ ಕನ್ನಡ 85 ಪ್ರವಾಸಿ ತಾಣಗಳನ್ನ ಗುರುತಿಸುವ ಮೂಲಕ ನಂತರದ ಸ್ಥಾನವನ್ನು ಹಂಚಿಕೊಂಡಿವೆ. ಸಾಂಸ್ಕೃತಿಕ ನಗರ ಮೈಸೂರಿನಲ್ಲಿ ಕೇವಲ 13 ಪ್ರವಾಸಿ ತಾಣಗಳ ಪಟ್ಟಿಯನ್ನಷ್ಟೇ ಕಳುಹಿಸಿಕೊಡಲಾಗಿದೆ. ಬೆಂಗಳೂರು-ಮೈಸೂರು ರಾಷ್ಟ್ರೀಯ ಹೆದ್ದಾರಿ ನಡುವೆ ಹಾದುಹೋಗುವ ಮಂಡ್ಯದಲ್ಲಿ ವಿಶ್ವವಿಖ್ಯಾತ ಪ್ರವಾಸಿ ತಾಣಗಳಿದ್ದು, ದೇಶ-ವಿದೇಶಿಗರನ್ನ ಆಕರ್ಷಿಸುತ್ತಿದೆ. ಕೈಬೀಸಿ ಕರೆಯುತ್ತಿರುವ ಪ್ರವಾಸಿ ತಾಣಗಳು: ಶ್ರೀರಂಗಪಟ್ಟಣ, ಮೇಲುಕೋಟೆ, ಶಿವನಸಮುದ್ರ, ಬಲಮುರಿ, ಕೊಕ್ಕರೆ ಬೆಳ್ಳೂರು ಸೇರಿದಂತೆ ಹಲವು ತಾಣಗಳಿವೆ. ಶ್ರೀರಂಗಪಟ್ಟಣ ತಾಲ್ಲೂಕಿನಲ್ಲಿ ಹೆಚ್ಚು ಪ್ರವಾಸಿ ಸ್ಥಳ: ಜಿಲ್ಲೆಯಲ್ಲಿ ಒಟ್ಟು 106 ಪ್ರವಾಸಿ ತಾಣಗಳನ್ನು ಗುರುತಿಸಲಾಗಿದ್ದು, ಈ ಪೈಕಿ ಶ್ರೀರಂಗಪಟ್ಟಣ ತಾಲ್ಲೂಕಿನಲ್ಲಿ ಹೆಚ್ಚು, ನಾಗಮಂಗಲ ತಾಲ್ಲೂಕು ಅತೀ ಕಡಿಮೆ ಅತೀ ಕಡಿಮೆ ಪ್ರವಾಸಿ ತಾಣಗಳನ್ನು ಗುರುತಿಸಲಾಗಿದೆ. ಇನ್ನೂ ತಾಲೂಕುವಾರು ನೋಡುವುದಾದ್ರೆ ಶ್ರೀರಂಗಪಟ್ಟಣ 24, ಮದ್ದೂರು ಹಾಗೂ ಕೆ.ಆರ್.ಪೇಟೆ ತಲಾ 18, ಪಾಂಡವಪುರ 13, ಮಂಡ್ಯ 12, ಮಳವಳ್ಳಿ 11 ಹಾಗೂ ನಾಗಮಂಗಲ ತಾಲೂಕಿನಲ್ಲಿ 10 ಪ್ರವಾಸಿ ತಾಣಗಳನ್ನು ಗುರುತು ಮಾಡಲಾಗಿದೆ.

ಐಪಿಎಸ್ ಅಧಿಕಾರಿ

ಹಿರಿಯ ಅಧಿಕಾರಿಗಳೇ ನೇರ ಹೊಣೆ ಅಥವಾ ಎರಡು ಬಾರಿ ಹಿರಿಯ ಅಧಿಕಾರಿಗಳು ಕಾರಾಗೃಹ ಭೇಟಿ ಕೈಗೊಳ್ಳಬೇಕು. ಪ್ರಧಾನ ಕಾರಾಗೃಹದ ಸುರಕ್ಷತೆಗೆ ಸಂಬಂಧಿಸಿದಂತೆ ಸಿಸಿಟಿವಿ ದೃಶ್ಯ ಮತ್ತು ಹೊಸ ತಂತ್ರಜ್ಞಾನ ಅಳವಡಿಕೆ ಮಾಡಬೇಕು.

ಡಿಸ್ಕೌಂಟ್
ಪ್ರಕರಣಗಳು ಇತ್ಯರ್ಥಗೊಂಡಿವೆ. ಈಗಾಗಲೇ ಜನರಿಂದ ಉತ್ತಮ ಸ್ಪಂದನೆ ದೊರಕಿದ್ದು, ಡಿ.12ರವರೆಗೆ 50% ದಂಡ ಪಾವತಿಗೆ ಅವಕಾಶವಿದೆ. ಆನ್‌ಲೈನ್ ಪೇಮೆಂಟ್‌ಗಳಾದ ಕೆಎಸ್‌ಪಿ, ಬಿಟಿಪಿ, ಬೆಂಗಳೂರು ಒನ್, ಕರ್ನಾಟಕ ಒನ್, ಟ್ರಾಫಿಕ್ ಪೊಲೀಸರ ಬಳಿಯೂ ತಮ್ಮ ದಂಡದ ರಿಯಾಯಿತಿ ಮೊತ್ತವನ್ನು ಜನ ಪಾವತಿಸಬಹುದು. ಡಿ.12ರ ಬಳಿಕ ಪೂರ್ತಿ ದಂಡ ಪಾವತಿಸಬೇಕಾಗುತ್ತದೆ. ಇದುವರೆಗೆ ಒಟ್ಟು ₹.230ರಿಂದ ₹.12 ಕೋಟಿಯಷ್ಟು ದಂಡ ಸಂಗ್ರಹವಾಗಿತ್ತು.
ಶಿಲೆಕಲ್ಲು ಗಣಿಗಾರಿಕೆಗೆ ನಲುಗಿದ ತೆಂಕ ಕಜೆಕಾರು ಗ್ರಾಮದ ಜನರು, ಹೈಕೋರ್ಟ್‌ಗೆ ಮೊರೆ
ಮಂಗಳೂರು: ದಕ್ಷಿಣ ಕನ್ನಡ ಜಿಲ್ಲೆಯ ಬಂಟ್ವಾಳ ತಾಲೂಕಿನ ತೆಂಕ ಕಜೆಕಾರು ಗ್ರಾಮದಲ್ಲಿ ಕಳೆದ ಆರು ತಿಂಗಳ ಹಿಂದೆ ಶಿಲೆಕಲ್ಲು ಗಣಿಗಾರಿಕೆ ಆರಂಭವಾಗಿದ್ದು, ಇದರಿಂದಾಗಿ ಎಂಟಕ್ಕೂ ಹೆಚ್ಚು ಮನೆಗಳು ಸಂಕಷ್ಟಕ್ಕೆ ಸಿಲುಕಿವೆ. ಗಣಿಗಾರಿಕೆ ಏನೋ ಸಕ್ರಮವಾಗಿದೆ. ಆದರೆ. ಕೆಲ ನಿಯಮಗಳನ್ನು ಗಾಳಿಗೆ ತೂರಿದ್ದಾರೆ ಎನ್ನುವ ಆರೋಪವಿದೆ. ಗಣಿಗಾರಿಕೆ ನಡೆಸುವ ಸ್ಥಳದಿಂದ 500 ಮೀಟರ್ ದೂರದಲ್ಲಿ ಜನವಸತಿ ಪ್ರದೇಶ ಇರಬಾರದು. ಗಣಿಗಾರಿಕೆ ನಡೆಯುವ ಸಳವನು ಮುಚಬೇಕು. ಗಣಿಗಾರಿಕೆ ನಡೆಯುವ ಸ್ಥಳದಿಂದ ಧೂಳು ಹಾಗೂ ಕಲ್ಲುಗಳು ಮನೆಗಳ ಮೇಲೆ ಬೀಳುತ್ತಿದ್ದು, ಸ್ಥಳೀಯರು ಹೈಕೋರ್ಟ್ ಮೊರೆ ಹೋಗಿದ್ದಾರೆ. ಈ ಬಗ್ಗೆ ಅಧಿಕಾರಿಗಳಿಗೆ ದೂರು ನೀಡಿದರೂ ಪ್ರಯೋಜನವಾಗಿಲ್ಲ ಎಂದು ಗ್ರಾಮಸ್ಥರು ಆರೋಪಿಸಿದ್ದಾರೆ.
